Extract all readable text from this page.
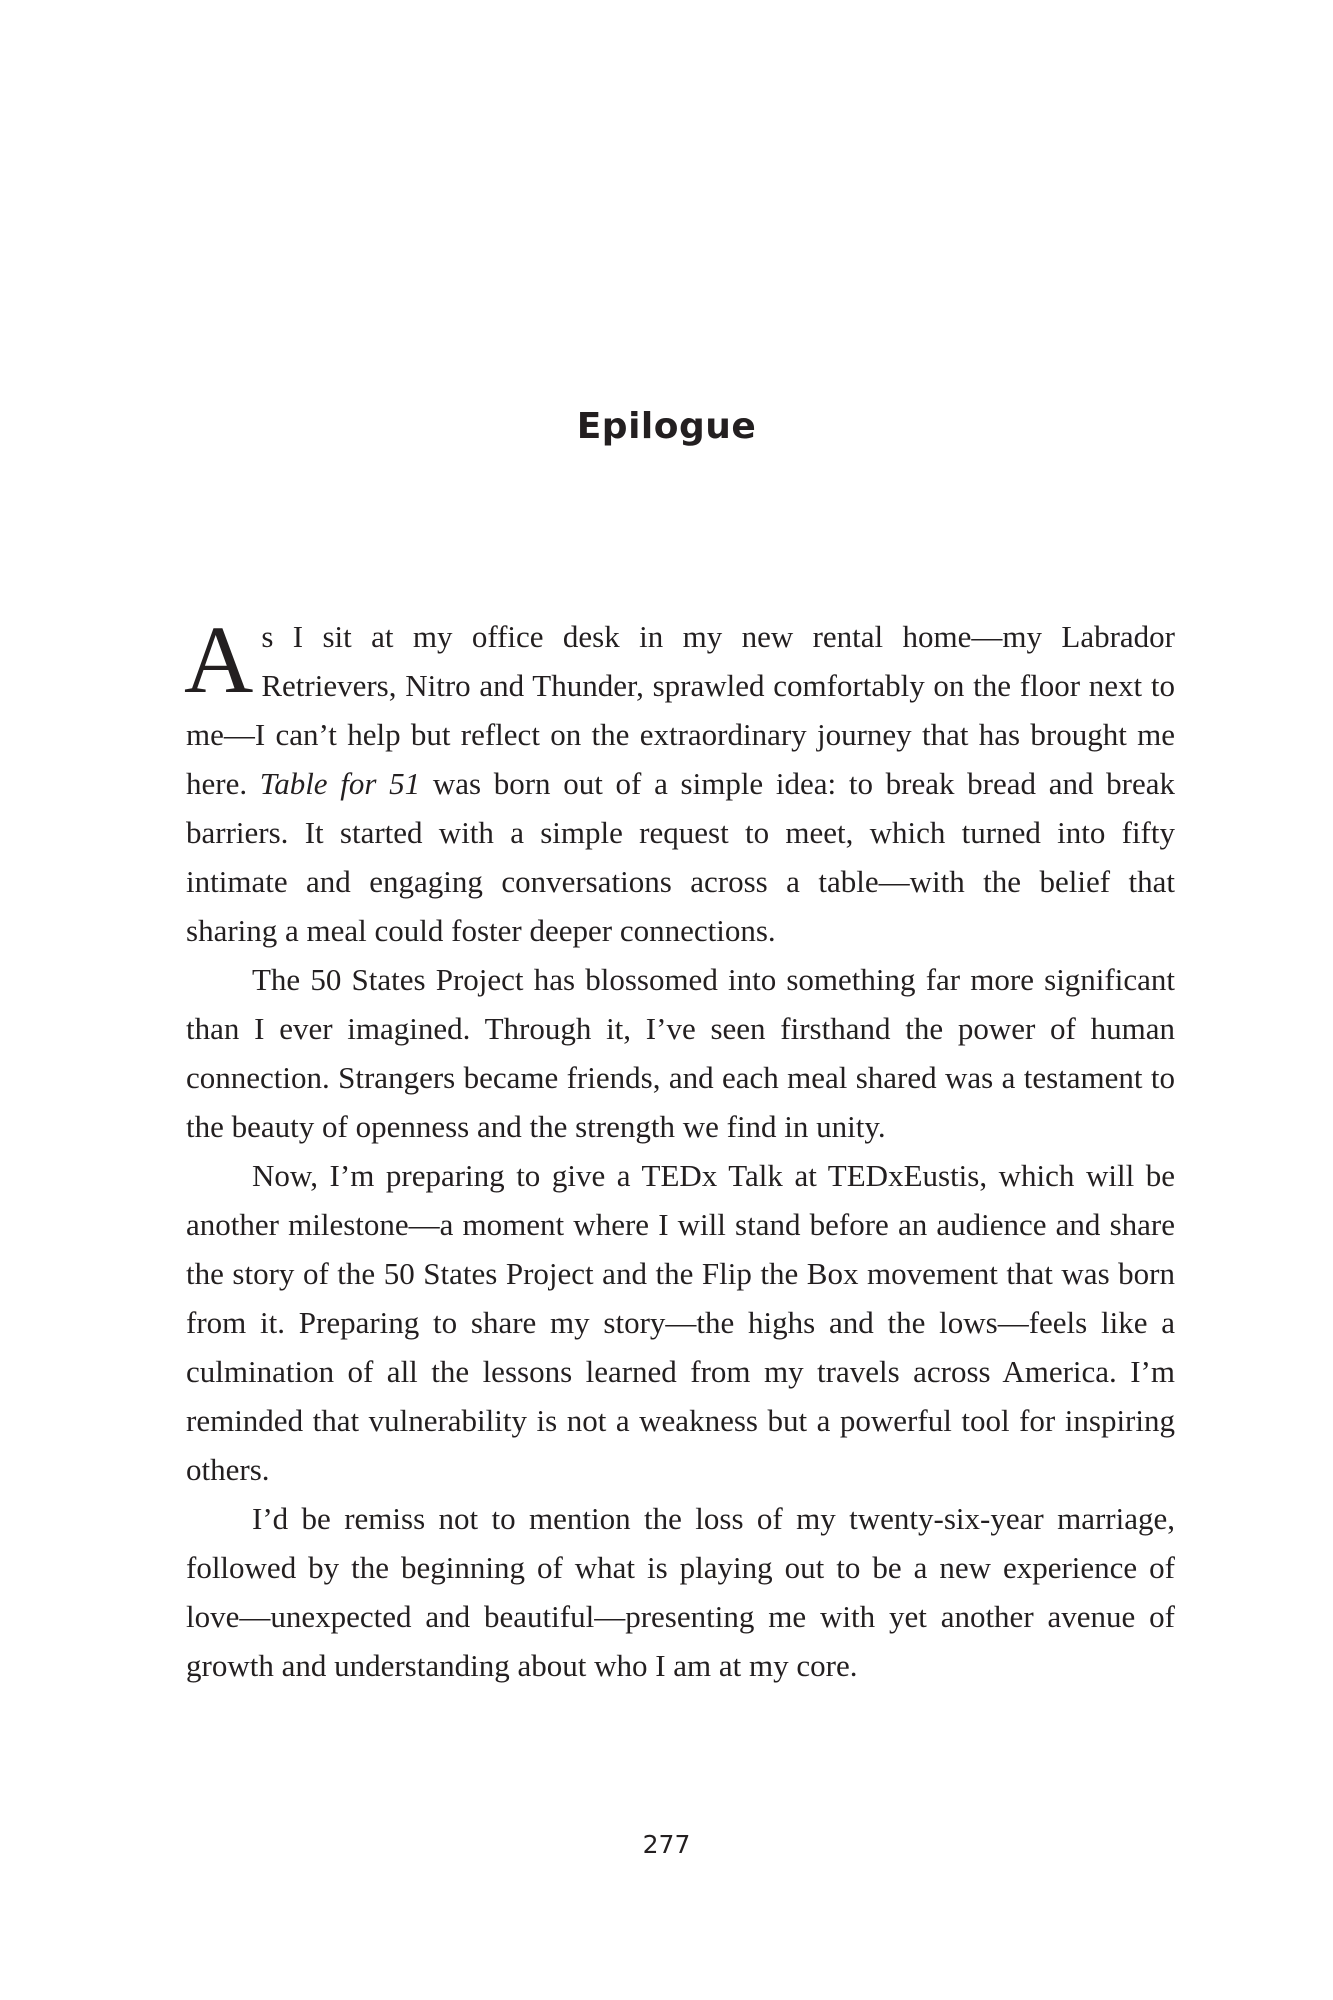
Epilogue

As I sit at my office desk in my new rental home—my Labrador Retrievers, Nitro and Thunder, sprawled comfortably on the floor next to me—I can’t help but reflect on the extraordinary journey that has brought me here. Table for 51 was born out of a simple idea: to break bread and break barriers. It started with a simple request to meet, which turned into fifty intimate and engaging conversations across a table—with the belief that sharing a meal could foster deeper connections.

The 50 States Project has blossomed into something far more significant than I ever imagined. Through it, I’ve seen firsthand the power of human connection. Strangers became friends, and each meal shared was a testament to the beauty of openness and the strength we find in unity.

Now, I’m preparing to give a TEDx Talk at TEDxEustis, which will be another milestone—a moment where I will stand before an audience and share the story of the 50 States Project and the Flip the Box movement that was born from it. Preparing to share my story—the highs and the lows—feels like a culmination of all the lessons learned from my travels across America. I’m reminded that vulnerability is not a weakness but a powerful tool for inspiring others.

I’d be remiss not to mention the loss of my twenty-six-year marriage, followed by the beginning of what is playing out to be a new experience of love—unexpected and beautiful—presenting me with yet another avenue of growth and understanding about who I am at my core.

277
